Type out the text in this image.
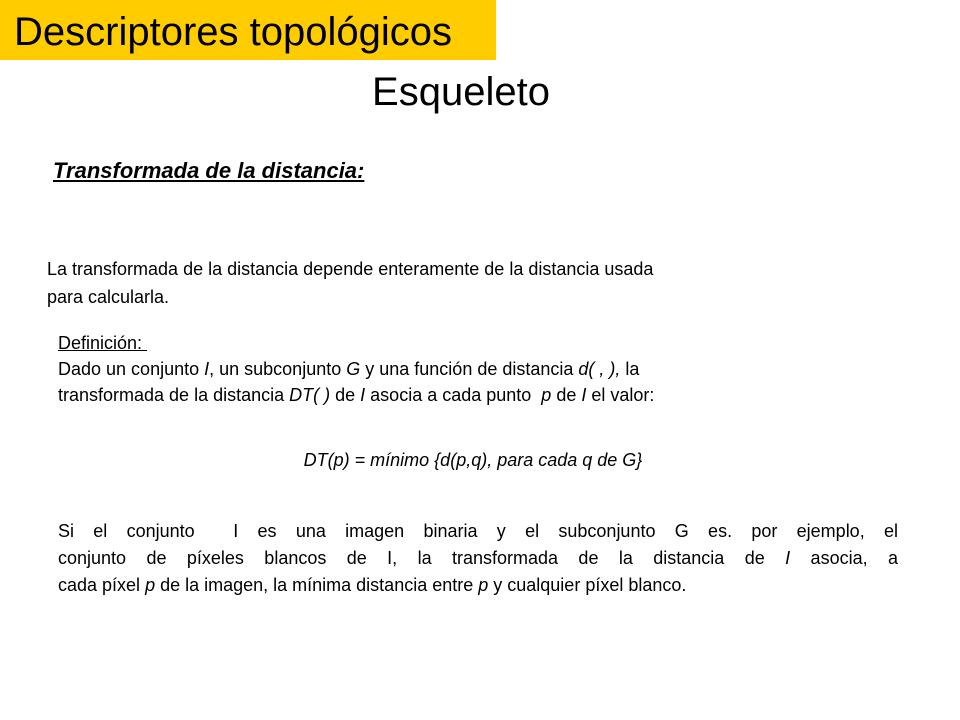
Descriptores topológicos
Esqueleto
Transformada de la distancia:
La transformada de la distancia depende enteramente de la distancia usada
para calcularla.
Definición:
Dado un conjunto I, un subconjunto G y una función de distancia d( , ), la
transformada de la distancia DT( ) de I asocia a cada punto  p de I el valor:
DT(p) = mínimo {d(p,q), para cada q de G}
Si el conjunto  I es una imagen binaria y el subconjunto G es. por ejemplo, el
conjunto de píxeles blancos de I, la transformada de la distancia de I asocia, a
cada píxel p de la imagen, la mínima distancia entre p y cualquier píxel blanco.
